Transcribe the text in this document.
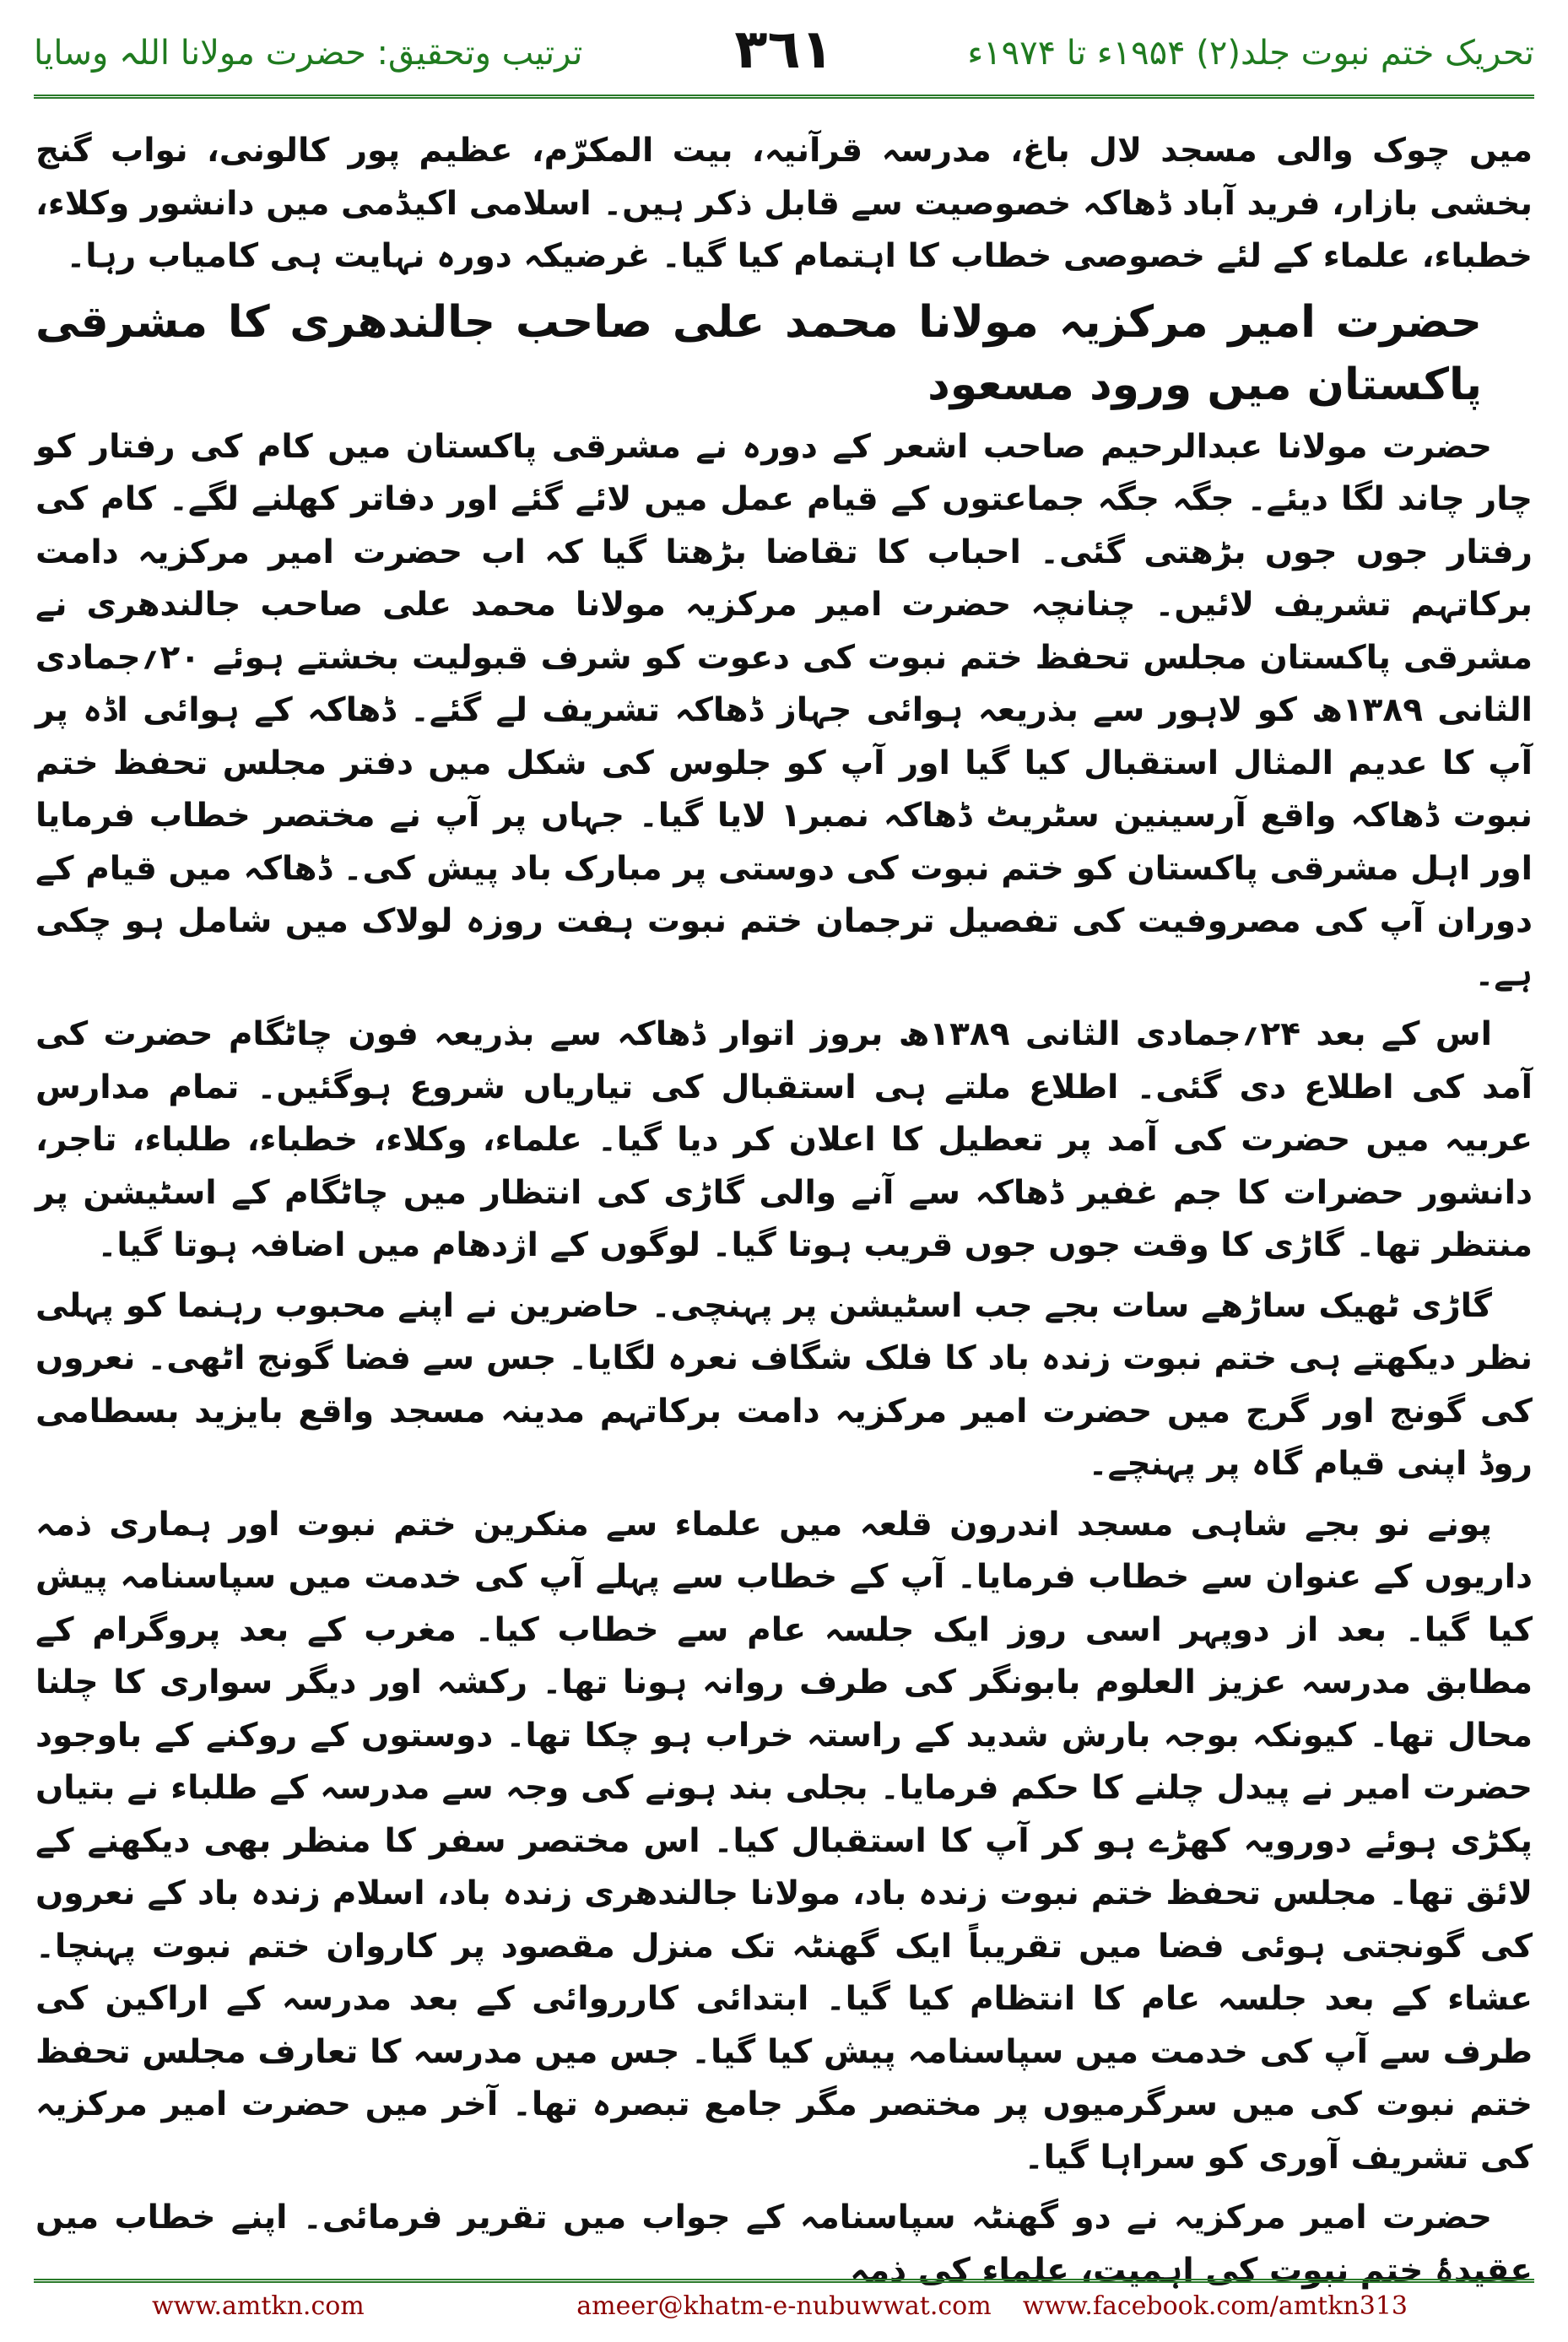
ترتیب وتحقیق: حضرت مولانا اللہ وسایا	٣٦١	تحریک ختم نبوت جلد(۲) ۱۹۵۴ء تا ۱۹۷۴ء

میں چوک والی مسجد لال باغ، مدرسہ قرآنیہ، بیت المکرّم، عظیم پور کالونی، نواب گنج بخشی بازار، فرید آباد ڈھاکہ خصوصیت سے قابل ذکر ہیں۔ اسلامی اکیڈمی میں دانشور وکلاء، خطباء، علماء کے لئے خصوصی خطاب کا اہتمام کیا گیا۔ غرضیکہ دورہ نہایت ہی کامیاب رہا۔

حضرت امیر مرکزیہ مولانا محمد علی صاحب جالندھری کا مشرقی پاکستان میں ورود مسعود

حضرت مولانا عبدالرحیم صاحب اشعر کے دورہ نے مشرقی پاکستان میں کام کی رفتار کو چار چاند لگا دیئے۔ جگہ جگہ جماعتوں کے قیام عمل میں لائے گئے اور دفاتر کھلنے لگے۔ کام کی رفتار جوں جوں بڑھتی گئی۔ احباب کا تقاضا بڑھتا گیا کہ اب حضرت امیر مرکزیہ دامت برکاتہم تشریف لائیں۔ چنانچہ حضرت امیر مرکزیہ مولانا محمد علی صاحب جالندھری نے مشرقی پاکستان مجلس تحفظ ختم نبوت کی دعوت کو شرف قبولیت بخشتے ہوئے ۲۰؍جمادی الثانی ۱۳۸۹ھ کو لاہور سے بذریعہ ہوائی جہاز ڈھاکہ تشریف لے گئے۔ ڈھاکہ کے ہوائی اڈہ پر آپ کا عدیم المثال استقبال کیا گیا اور آپ کو جلوس کی شکل میں دفتر مجلس تحفظ ختم نبوت ڈھاکہ واقع آرسینین سٹریٹ ڈھاکہ نمبر۱ لایا گیا۔ جہاں پر آپ نے مختصر خطاب فرمایا اور اہل مشرقی پاکستان کو ختم نبوت کی دوستی پر مبارک باد پیش کی۔ ڈھاکہ میں قیام کے دوران آپ کی مصروفیت کی تفصیل ترجمان ختم نبوت ہفت روزہ لولاک میں شامل ہو چکی ہے۔

اس کے بعد ۲۴؍جمادی الثانی ۱۳۸۹ھ بروز اتوار ڈھاکہ سے بذریعہ فون چاٹگام حضرت کی آمد کی اطلاع دی گئی۔ اطلاع ملتے ہی استقبال کی تیاریاں شروع ہوگئیں۔ تمام مدارس عربیہ میں حضرت کی آمد پر تعطیل کا اعلان کر دیا گیا۔ علماء، وکلاء، خطباء، طلباء، تاجر، دانشور حضرات کا جم غفیر ڈھاکہ سے آنے والی گاڑی کی انتظار میں چاٹگام کے اسٹیشن پر منتظر تھا۔ گاڑی کا وقت جوں جوں قریب ہوتا گیا۔ لوگوں کے اژدھام میں اضافہ ہوتا گیا۔

گاڑی ٹھیک ساڑھے سات بجے جب اسٹیشن پر پہنچی۔ حاضرین نے اپنے محبوب رہنما کو پہلی نظر دیکھتے ہی ختم نبوت زندہ باد کا فلک شگاف نعرہ لگایا۔ جس سے فضا گونج اٹھی۔ نعروں کی گونج اور گرج میں حضرت امیر مرکزیہ دامت برکاتہم مدینہ مسجد واقع بایزید بسطامی روڈ اپنی قیام گاہ پر پہنچے۔

پونے نو بجے شاہی مسجد اندرون قلعہ میں علماء سے منکرین ختم نبوت اور ہماری ذمہ داریوں کے عنوان سے خطاب فرمایا۔ آپ کے خطاب سے پہلے آپ کی خدمت میں سپاسنامہ پیش کیا گیا۔ بعد از دوپہر اسی روز ایک جلسہ عام سے خطاب کیا۔ مغرب کے بعد پروگرام کے مطابق مدرسہ عزیز العلوم بابونگر کی طرف روانہ ہونا تھا۔ رکشہ اور دیگر سواری کا چلنا محال تھا۔ کیونکہ بوجہ بارش شدید کے راستہ خراب ہو چکا تھا۔ دوستوں کے روکنے کے باوجود حضرت امیر نے پیدل چلنے کا حکم فرمایا۔ بجلی بند ہونے کی وجہ سے مدرسہ کے طلباء نے بتیاں پکڑی ہوئے دورویہ کھڑے ہو کر آپ کا استقبال کیا۔ اس مختصر سفر کا منظر بھی دیکھنے کے لائق تھا۔ مجلس تحفظ ختم نبوت زندہ باد، مولانا جالندھری زندہ باد، اسلام زندہ باد کے نعروں کی گونجتی ہوئی فضا میں تقریباً ایک گھنٹہ تک منزل مقصود پر کاروان ختم نبوت پہنچا۔ عشاء کے بعد جلسہ عام کا انتظام کیا گیا۔ ابتدائی کارروائی کے بعد مدرسہ کے اراکین کی طرف سے آپ کی خدمت میں سپاسنامہ پیش کیا گیا۔ جس میں مدرسہ کا تعارف مجلس تحفظ ختم نبوت کی میں سرگرمیوں پر مختصر مگر جامع تبصرہ تھا۔ آخر میں حضرت امیر مرکزیہ کی تشریف آوری کو سراہا گیا۔

حضرت امیر مرکزیہ نے دو گھنٹہ سپاسنامہ کے جواب میں تقریر فرمائی۔ اپنے خطاب میں عقیدۂ ختم نبوت کی اہمیت، علماء کی ذمہ

www.amtkn.com	ameer@khatm-e-nubuwwat.com	www.facebook.com/amtkn313
